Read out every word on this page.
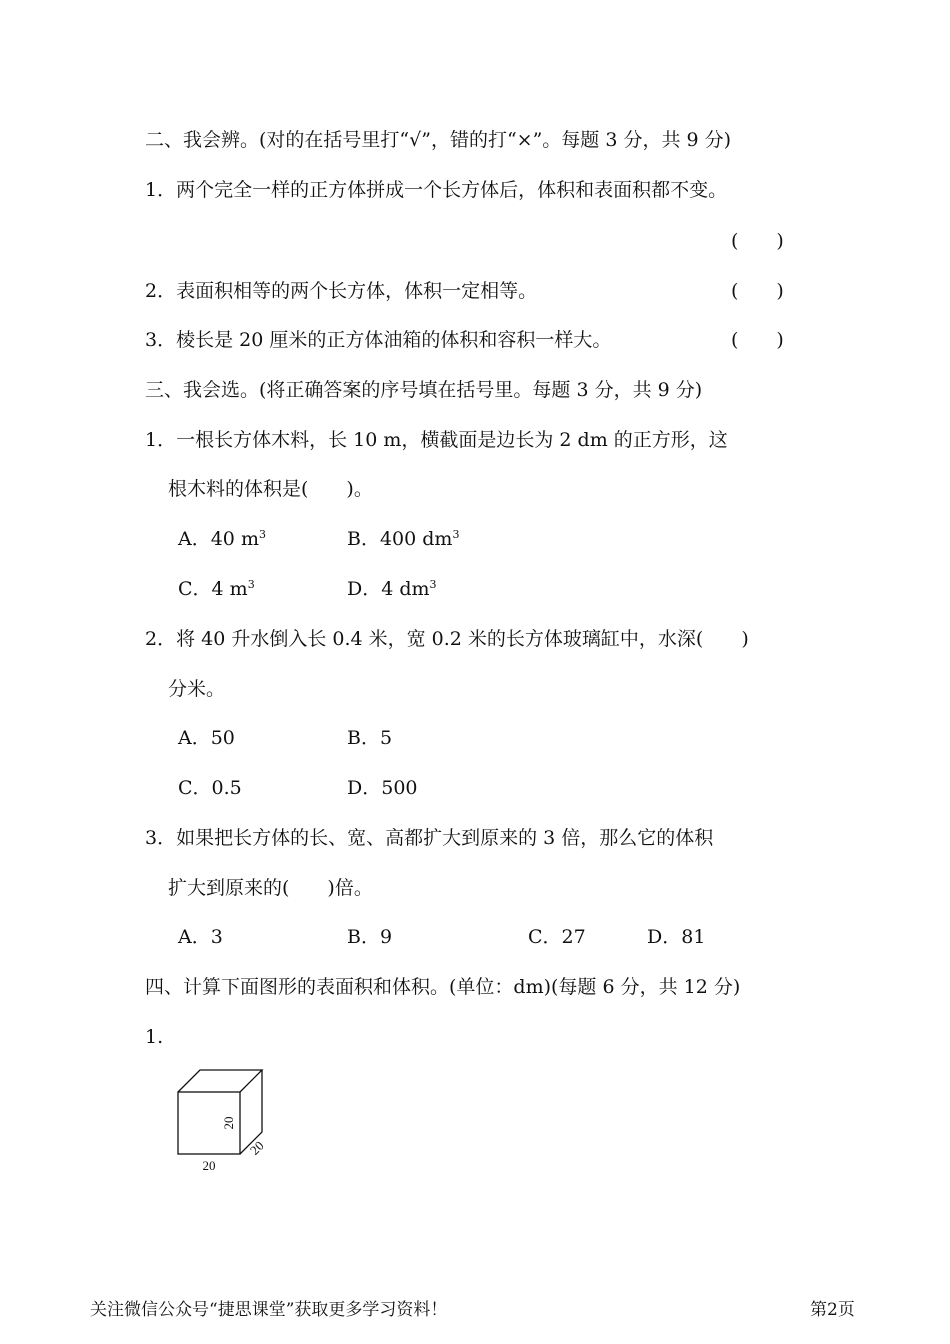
二、我会辨。(对的在括号里打“√”，错的打“×”。每题 3 分，共 9 分)
1．两个完全一样的正方体拼成一个长方体后，体积和表面积都不变。
(　　)
2．表面积相等的两个长方体，体积一定相等。	(　　)
3．棱长是 20 厘米的正方体油箱的体积和容积一样大。	(　　)
三、我会选。(将正确答案的序号填在括号里。每题 3 分，共 9 分)
1．一根长方体木料，长 10 m，横截面是边长为 2 dm 的正方形，这
根木料的体积是(　　)。
A．40 $m^3$	B．400 $dm^3$
C．4 $m^3$	D．4 $dm^3$
2．将 40 升水倒入长 0.4 米，宽 0.2 米的长方体玻璃缸中，水深(　　)
分米。
A．50	B．5
C．0.5	D．500
3．如果把长方体的长、宽、高都扩大到原来的 3 倍，那么它的体积
扩大到原来的(　　)倍。
A．3	B．9	C．27	D．81
四、计算下面图形的表面积和体积。(单位：dm)(每题 6 分，共 12 分)
1.
20
20
20
关注微信公众号“捷思课堂”获取更多学习资料！	第2页
